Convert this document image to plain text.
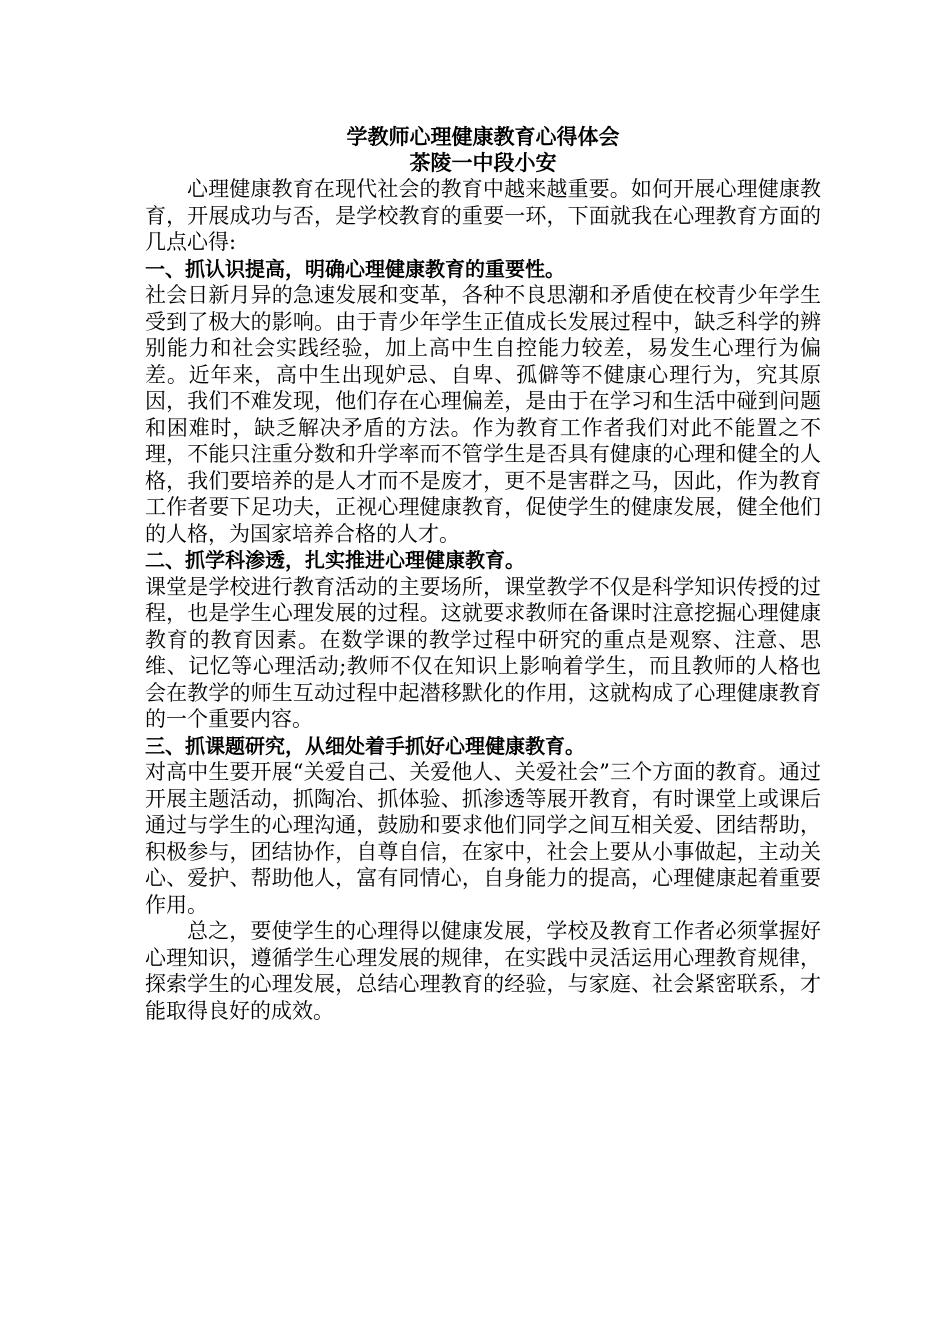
学教师心理健康教育心得体会

茶陵一中段小安

心理健康教育在现代社会的教育中越来越重要。如何开展心理健康教育，开展成功与否，是学校教育的重要一环，下面就我在心理教育方面的几点心得:

一、抓认识提高，明确心理健康教育的重要性。

社会日新月异的急速发展和变革，各种不良思潮和矛盾使在校青少年学生受到了极大的影响。由于青少年学生正值成长发展过程中，缺乏科学的辨别能力和社会实践经验，加上高中生自控能力较差，易发生心理行为偏差。近年来，高中生出现妒忌、自卑、孤僻等不健康心理行为，究其原因，我们不难发现，他们存在心理偏差，是由于在学习和生活中碰到问题和困难时，缺乏解决矛盾的方法。作为教育工作者我们对此不能置之不理，不能只注重分数和升学率而不管学生是否具有健康的心理和健全的人格，我们要培养的是人才而不是废才，更不是害群之马，因此，作为教育工作者要下足功夫，正视心理健康教育，促使学生的健康发展，健全他们的人格，为国家培养合格的人才。

二、抓学科渗透，扎实推进心理健康教育。

课堂是学校进行教育活动的主要场所，课堂教学不仅是科学知识传授的过程，也是学生心理发展的过程。这就要求教师在备课时注意挖掘心理健康教育的教育因素。在数学课的教学过程中研究的重点是观察、注意、思维、记忆等心理活动;教师不仅在知识上影响着学生，而且教师的人格也会在教学的师生互动过程中起潜移默化的作用，这就构成了心理健康教育的一个重要内容。

三、抓课题研究，从细处着手抓好心理健康教育。

对高中生要开展“关爱自己、关爱他人、关爱社会”三个方面的教育。通过开展主题活动，抓陶冶、抓体验、抓渗透等展开教育，有时课堂上或课后通过与学生的心理沟通，鼓励和要求他们同学之间互相关爱、团结帮助，积极参与，团结协作，自尊自信，在家中，社会上要从小事做起，主动关心、爱护、帮助他人，富有同情心，自身能力的提高，心理健康起着重要作用。

总之，要使学生的心理得以健康发展，学校及教育工作者必须掌握好心理知识，遵循学生心理发展的规律，在实践中灵活运用心理教育规律，探索学生的心理发展，总结心理教育的经验，与家庭、社会紧密联系，才能取得良好的成效。
